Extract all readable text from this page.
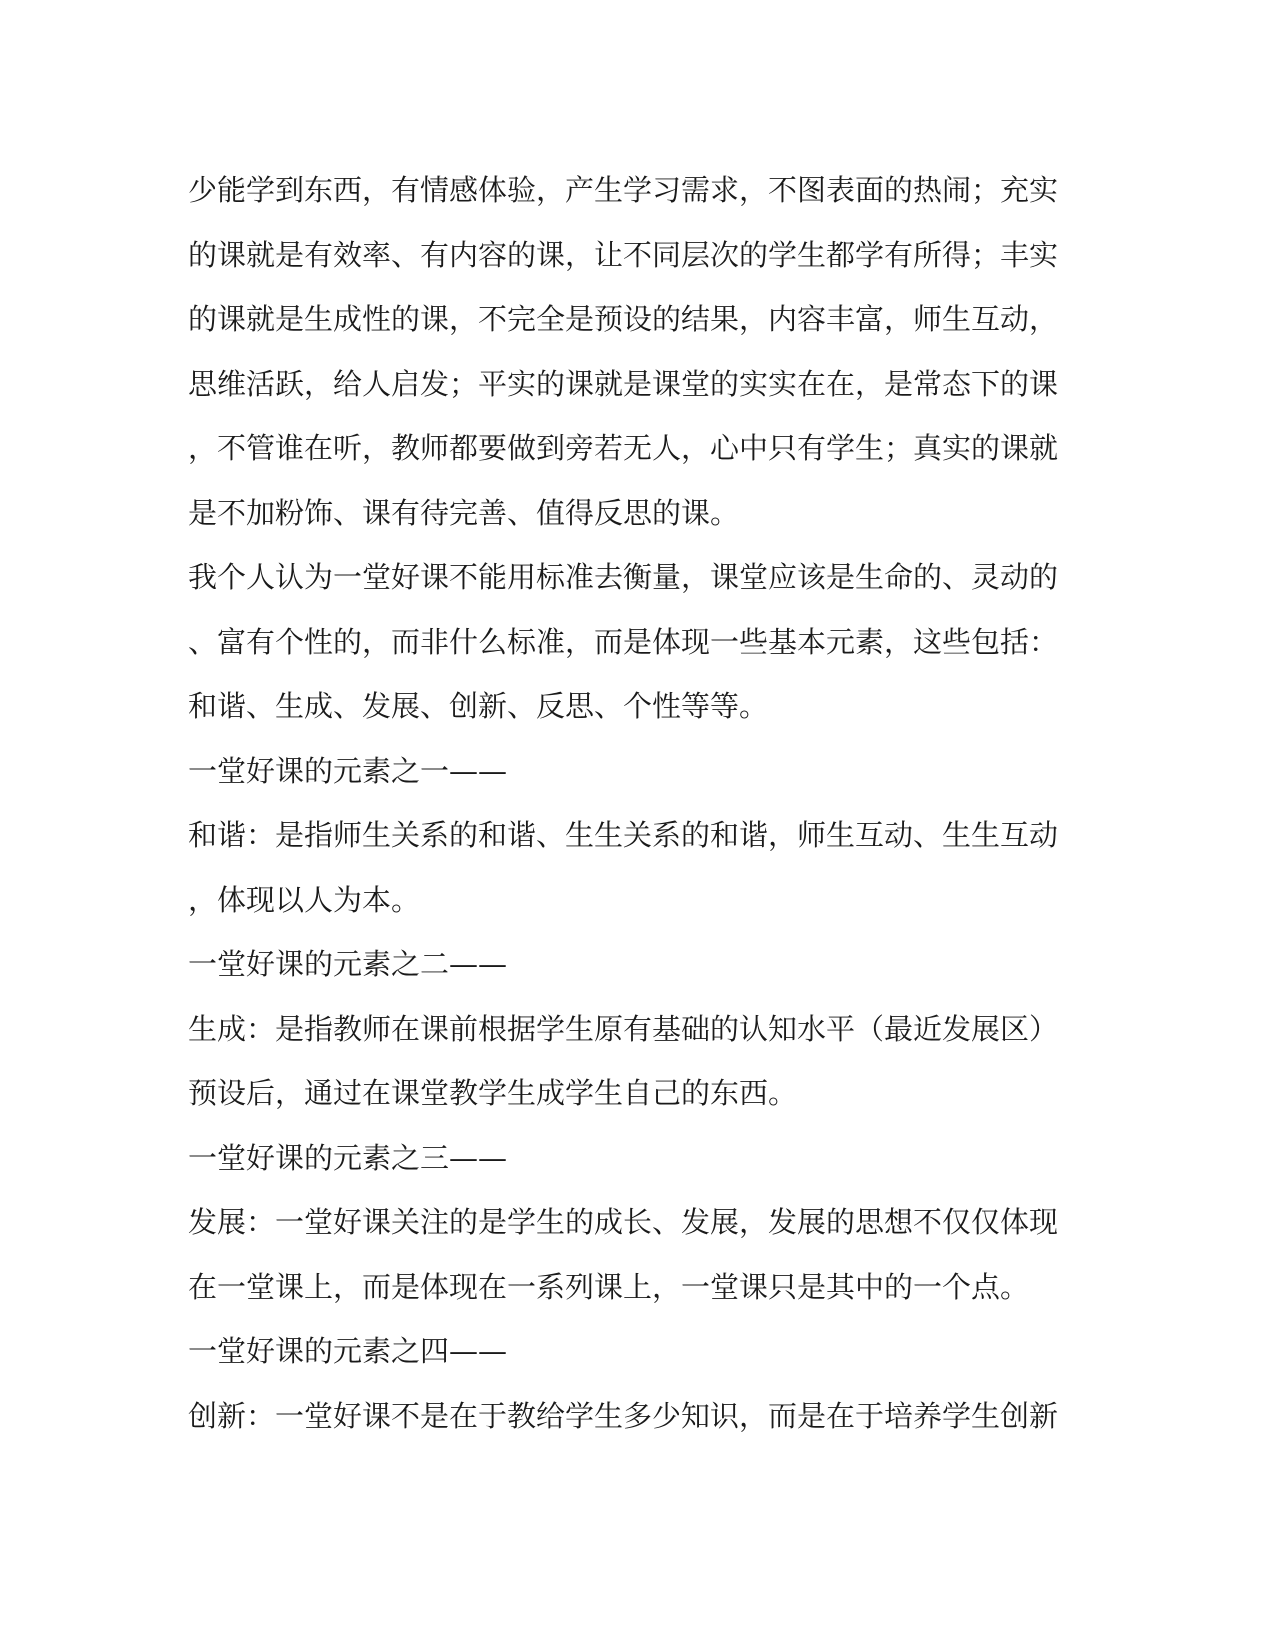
少能学到东西，有情感体验，产生学习需求，不图表面的热闹；充实
的课就是有效率、有内容的课，让不同层次的学生都学有所得；丰实
的课就是生成性的课，不完全是预设的结果，内容丰富，师生互动，
思维活跃，给人启发；平实的课就是课堂的实实在在，是常态下的课
，不管谁在听，教师都要做到旁若无人，心中只有学生；真实的课就
是不加粉饰、课有待完善、值得反思的课。
我个人认为一堂好课不能用标准去衡量，课堂应该是生命的、灵动的
、富有个性的，而非什么标准，而是体现一些基本元素，这些包括：
和谐、生成、发展、创新、反思、个性等等。
一堂好课的元素之一——
和谐：是指师生关系的和谐、生生关系的和谐，师生互动、生生互动
，体现以人为本。
一堂好课的元素之二——
生成：是指教师在课前根据学生原有基础的认知水平（最近发展区）
预设后，通过在课堂教学生成学生自己的东西。
一堂好课的元素之三——
发展：一堂好课关注的是学生的成长、发展，发展的思想不仅仅体现
在一堂课上，而是体现在一系列课上，一堂课只是其中的一个点。
一堂好课的元素之四——
创新：一堂好课不是在于教给学生多少知识，而是在于培养学生创新
